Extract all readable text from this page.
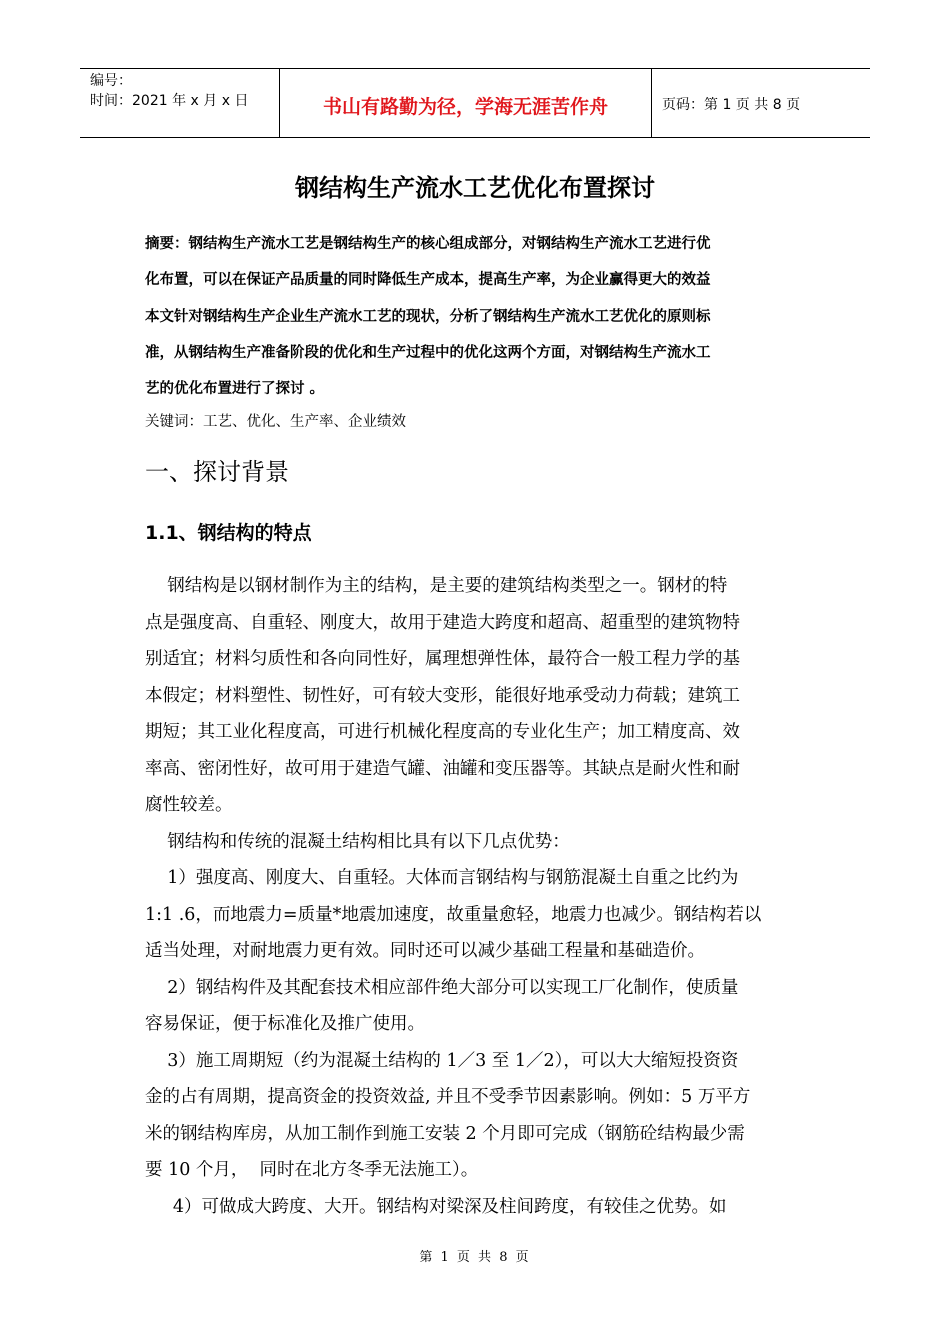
编号：
时间：2021 年 x 月 x 日	书山有路勤为径，学海无涯苦作舟	页码：第 1 页 共 8 页
钢结构生产流水工艺优化布置探讨
摘要：钢结构生产流水工艺是钢结构生产的核心组成部分，对钢结构生产流水工艺进行优
化布置，可以在保证产品质量的同时降低生产成本，提高生产率，为企业赢得更大的效益
本文针对钢结构生产企业生产流水工艺的现状，分析了钢结构生产流水工艺优化的原则标
准，从钢结构生产准备阶段的优化和生产过程中的优化这两个方面，对钢结构生产流水工
艺的优化布置进行了探讨 。
关键词：工艺、优化、生产率、企业绩效
一、探讨背景
1.1、钢结构的特点
钢结构是以钢材制作为主的结构，是主要的建筑结构类型之一。钢材的特
点是强度高、自重轻、刚度大，故用于建造大跨度和超高、超重型的建筑物特
别适宜；材料匀质性和各向同性好，属理想弹性体，最符合一般工程力学的基
本假定；材料塑性、韧性好，可有较大变形，能很好地承受动力荷载；建筑工
期短；其工业化程度高，可进行机械化程度高的专业化生产；加工精度高、效
率高、密闭性好，故可用于建造气罐、油罐和变压器等。其缺点是耐火性和耐
腐性较差。
钢结构和传统的混凝土结构相比具有以下几点优势：
1）强度高、刚度大、自重轻。大体而言钢结构与钢筋混凝土自重之比约为
1:1 .6，而地震力=质量*地震加速度，故重量愈轻，地震力也减少。钢结构若以
适当处理，对耐地震力更有效。同时还可以减少基础工程量和基础造价。
2）钢结构件及其配套技术相应部件绝大部分可以实现工厂化制作，使质量
容易保证，便于标准化及推广使用。
3）施工周期短（约为混凝土结构的 1／3 至 1／2），可以大大缩短投资资
金的占有周期，提高资金的投资效益, 并且不受季节因素影响。例如：5 万平方
米的钢结构库房，从加工制作到施工安装 2 个月即可完成（钢筋砼结构最少需
要 10 个月，  同时在北方冬季无法施工）。
4）可做成大跨度、大开。钢结构对梁深及柱间跨度，有较佳之优势。如
第 1 页 共 8 页
